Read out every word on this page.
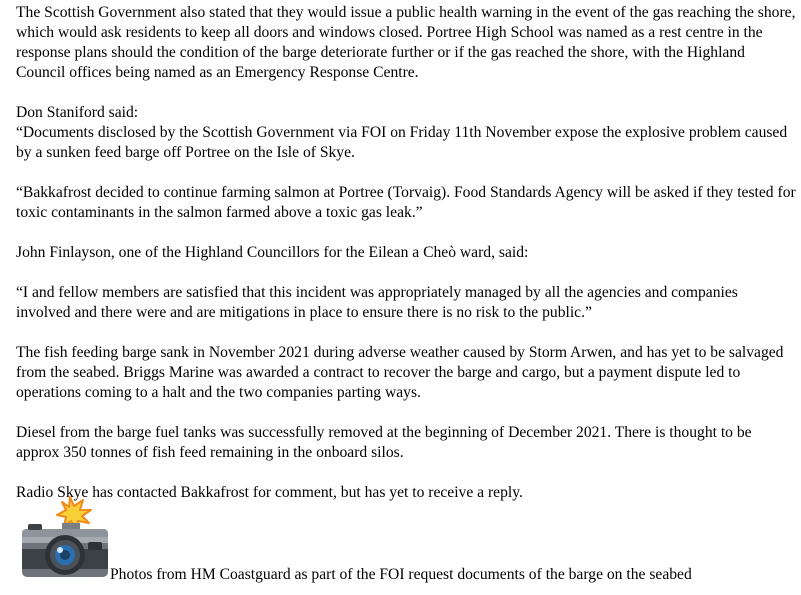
The Scottish Government also stated that they would issue a public health warning in the event of the gas reaching the shore, which would ask residents to keep all doors and windows closed. Portree High School was named as a rest centre in the response plans should the condition of the barge deteriorate further or if the gas reached the shore, with the Highland Council offices being named as an Emergency Response Centre.

Don Staniford said:

“Documents disclosed by the Scottish Government via FOI on Friday 11th November expose the explosive problem caused by a sunken feed barge off Portree on the Isle of Skye.

“Bakkafrost decided to continue farming salmon at Portree (Torvaig). Food Standards Agency will be asked if they tested for toxic contaminants in the salmon farmed above a toxic gas leak.”

John Finlayson, one of the Highland Councillors for the Eilean a Cheò ward, said:

“I and fellow members are satisfied that this incident was appropriately managed by all the agencies and companies involved and there were and are mitigations in place to ensure there is no risk to the public.”

The fish feeding barge sank in November 2021 during adverse weather caused by Storm Arwen, and has yet to be salvaged from the seabed. Briggs Marine was awarded a contract to recover the barge and cargo, but a payment dispute led to operations coming to a halt and the two companies parting ways.

Diesel from the barge fuel tanks was successfully removed at the beginning of December 2021. There is thought to be approx 350 tonnes of fish feed remaining in the onboard silos.

Radio Skye has contacted Bakkafrost for comment, but has yet to receive a reply.

Photos from HM Coastguard as part of the FOI request documents of the barge on the seabed
